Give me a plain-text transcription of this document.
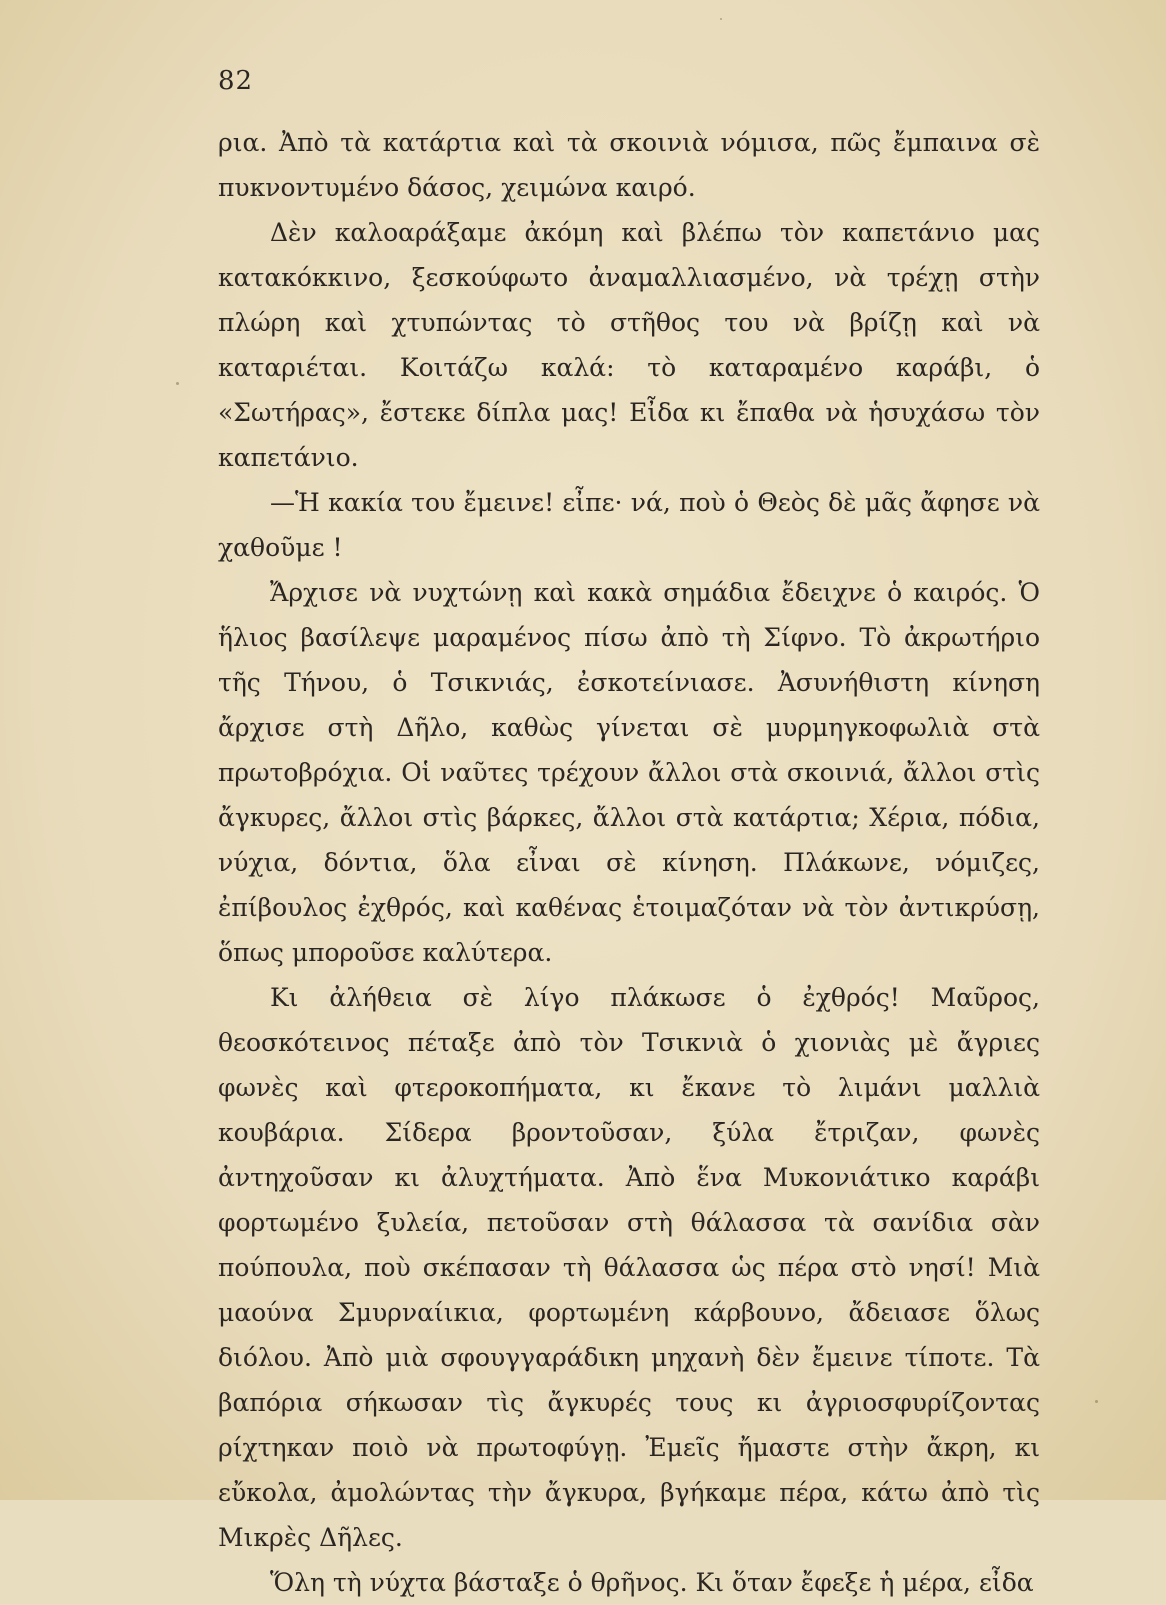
82

ρια. Ἀπὸ τὰ κατάρτια καὶ τὰ σκοινιὰ νόμισα, πῶς ἔμπαινα σὲ πυκνοντυμένο δάσος, χειμώνα καιρό.

Δὲν καλοαράξαμε ἀκόμη καὶ βλέπω τὸν καπετάνιο μας κατακόκκινο, ξεσκούφωτο ἀναμαλλιασμένο, νὰ τρέχῃ στὴν πλώρη καὶ χτυπώντας τὸ στῆθος του νὰ βρίζῃ καὶ νὰ καταριέται. Κοιτάζω καλά: τὸ καταραμένο καράβι, ὁ «Σωτήρας», ἔστεκε δίπλα μας! Εἶδα κι ἔπαθα νὰ ἡσυχάσω τὸν καπετάνιο.

—Ἡ κακία του ἔμεινε! εἶπε· νά, ποὺ ὁ Θεὸς δὲ μᾶς ἄφησε νὰ χαθοῦμε !

Ἄρχισε νὰ νυχτώνῃ καὶ κακὰ σημάδια ἔδειχνε ὁ καιρός. Ὁ ἥλιος βασίλεψε μαραμένος πίσω ἀπὸ τὴ Σίφνο. Τὸ ἀκρωτήριο τῆς Τήνου, ὁ Τσικνιάς, ἐσκοτείνιασε. Ἀσυνήθιστη κίνηση ἄρχισε στὴ Δῆλο, καθὼς γίνεται σὲ μυρμηγκοφωλιὰ στὰ πρωτοβρόχια. Οἱ ναῦτες τρέχουν ἄλλοι στὰ σκοινιά, ἄλλοι στὶς ἄγκυρες, ἄλλοι στὶς βάρκες, ἄλλοι στὰ κατάρτια; Χέρια, πόδια, νύχια, δόντια, ὅλα εἶναι σὲ κίνηση. Πλάκωνε, νόμιζες, ἐπίβουλος ἐχθρός, καὶ καθένας ἑτοιμαζόταν νὰ τὸν ἀντικρύσῃ, ὅπως μποροῦσε καλύτερα.

Κι ἀλήθεια σὲ λίγο πλάκωσε ὁ ἐχθρός! Μαῦρος, θεοσκότεινος πέταξε ἀπὸ τὸν Τσικνιὰ ὁ χιονιὰς μὲ ἄγριες φωνὲς καὶ φτεροκοπήματα, κι ἔκανε τὸ λιμάνι μαλλιὰ κουβάρια. Σίδερα βροντοῦσαν, ξύλα ἔτριζαν, φωνὲς ἀντηχοῦσαν κι ἀλυχτήματα. Ἀπὸ ἕνα Μυκονιάτικο καράβι φορτωμένο ξυλεία, πετοῦσαν στὴ θάλασσα τὰ σανίδια σὰν πούπουλα, ποὺ σκέπασαν τὴ θάλασσα ὡς πέρα στὸ νησί! Μιὰ μαούνα Σμυρναίικια, φορτωμένη κάρβουνο, ἄδειασε ὅλως διόλου. Ἀπὸ μιὰ σφουγγαράδικη μηχανὴ δὲν ἔμεινε τίποτε. Τὰ βαπόρια σήκωσαν τὶς ἄγκυρές τους κι ἀγριοσφυρίζοντας ρίχτηκαν ποιὸ νὰ πρωτοφύγῃ. Ἐμεῖς ἤμαστε στὴν ἄκρη, κι εὔκολα, ἀμολώντας τὴν ἄγκυρα, βγήκαμε πέρα, κάτω ἀπὸ τὶς Μικρὲς Δῆλες.

Ὅλη τὴ νύχτα βάσταξε ὁ θρῆνος. Κι ὅταν ἔφεξε ἡ μέρα, εἶδα
